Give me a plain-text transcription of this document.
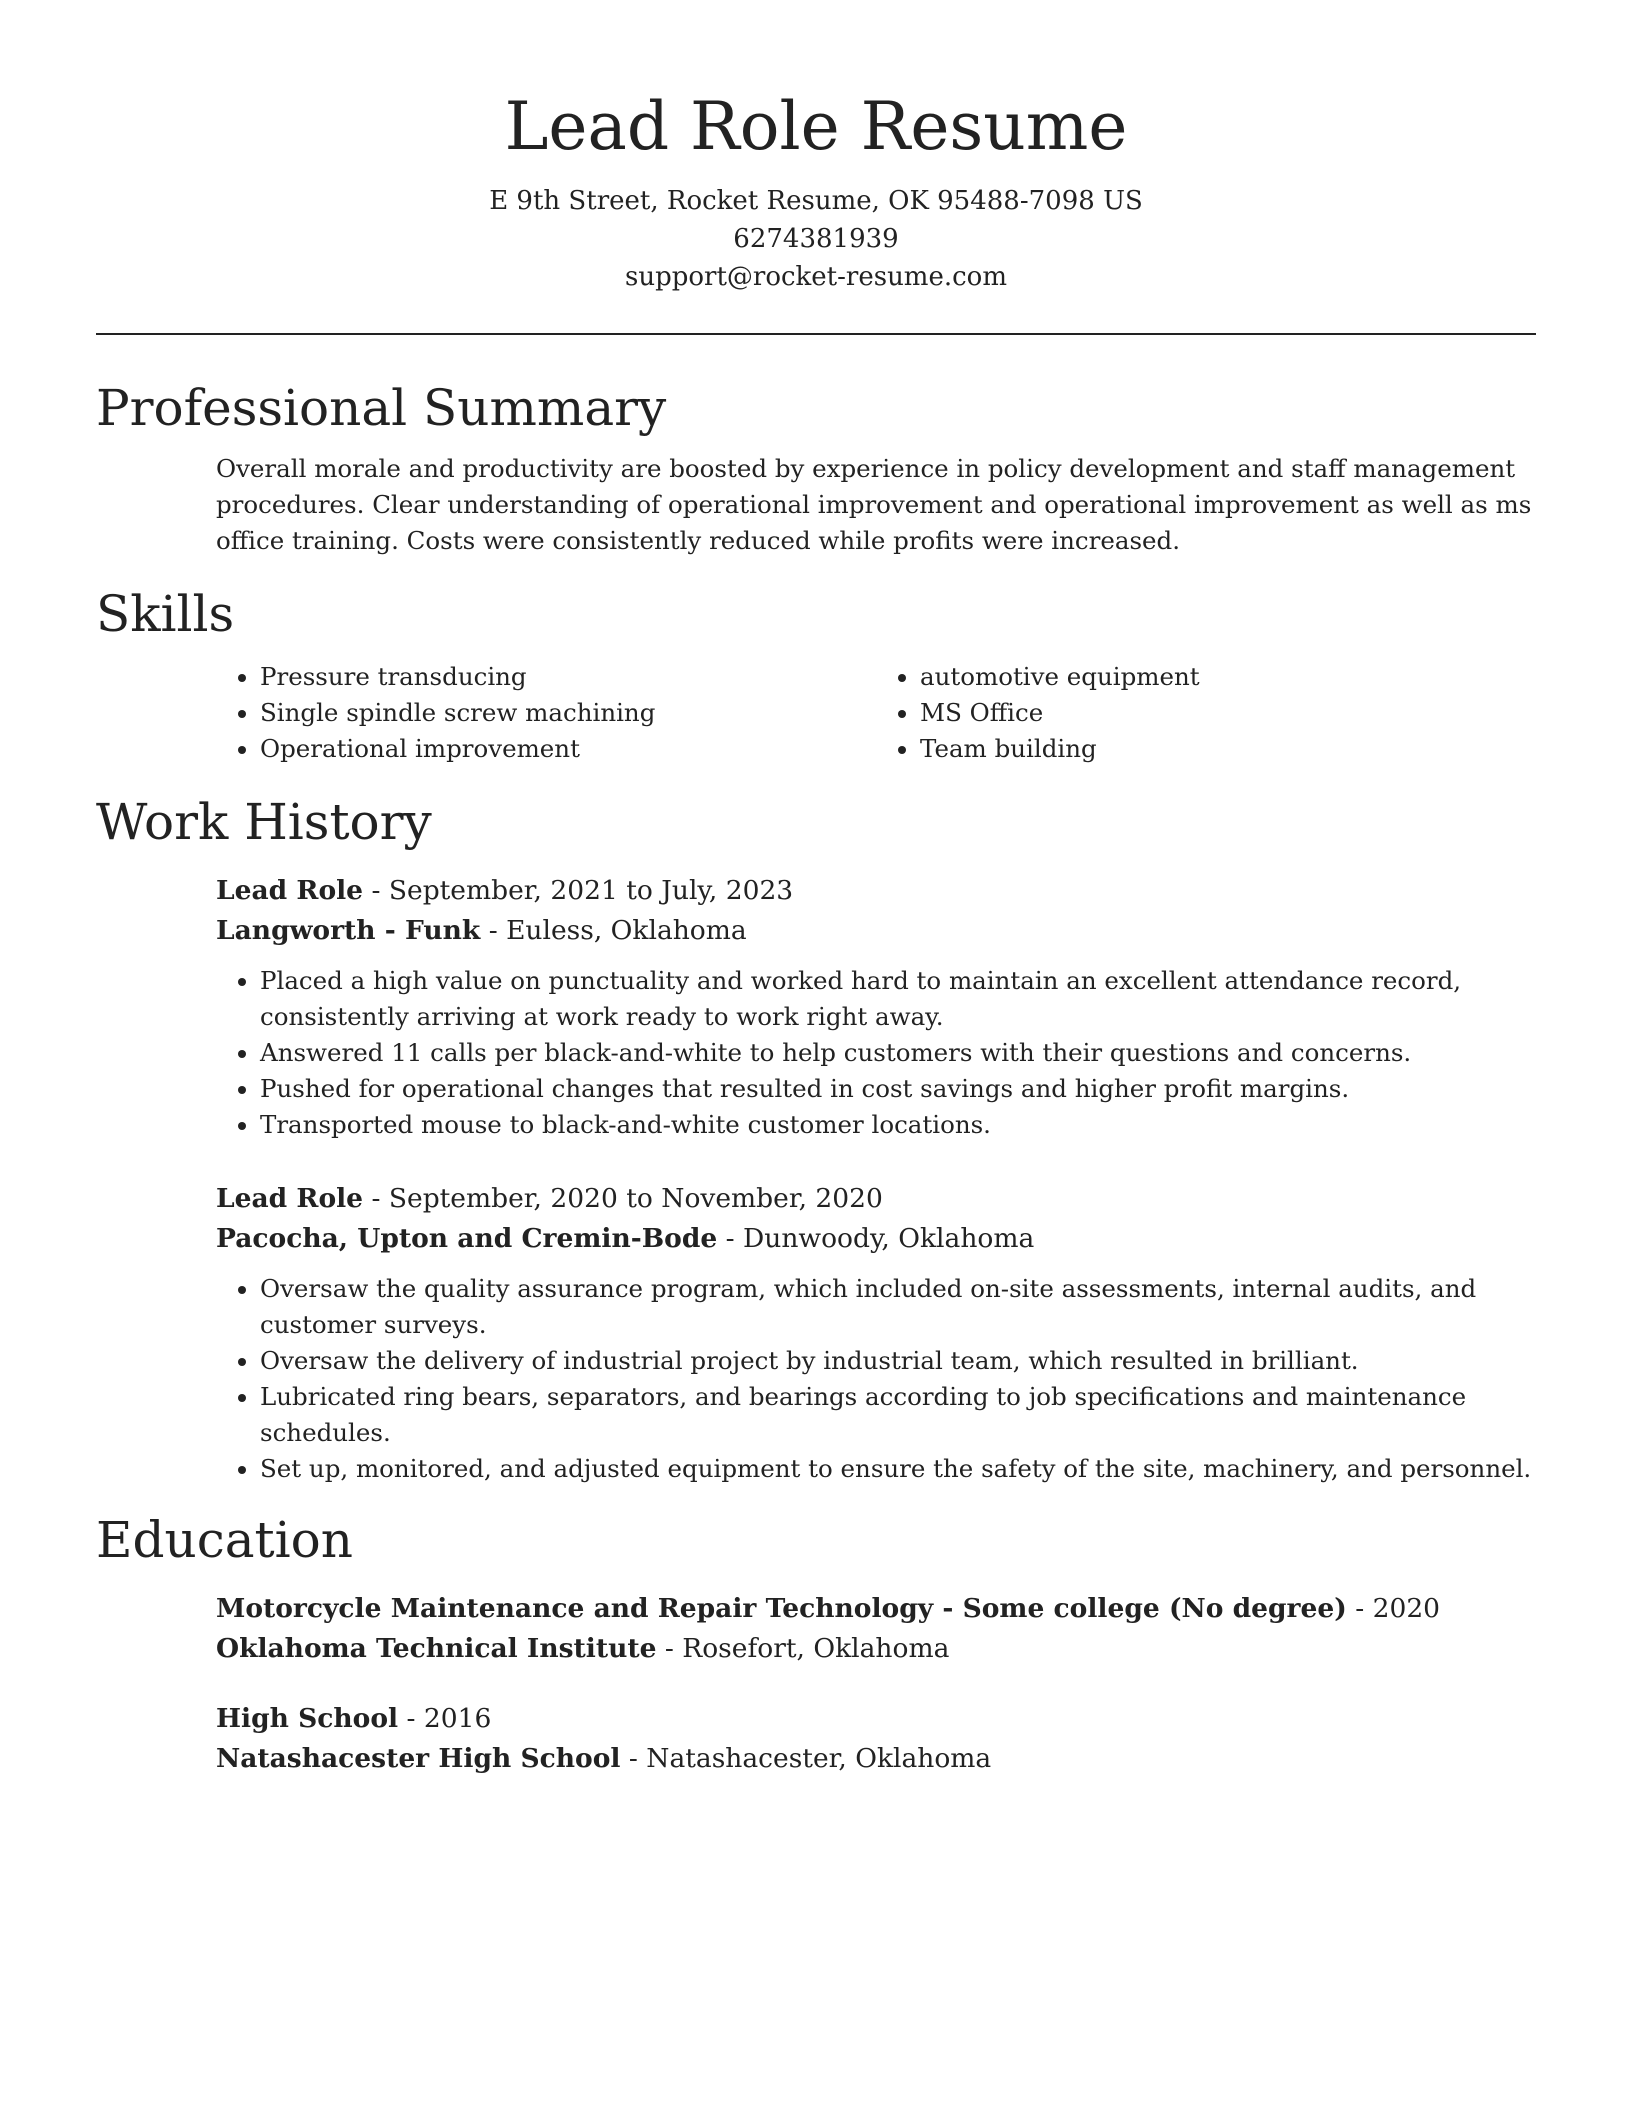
Lead Role Resume
E 9th Street, Rocket Resume, OK 95488-7098 US
6274381939
support@rocket-resume.com
Professional Summary

Overall morale and productivity are boosted by experience in policy development and staff management procedures. Clear understanding of operational improvement and operational improvement as well as ms office training. Costs were consistently reduced while profits were increased.

Skills
• Pressure transducing
• Single spindle screw machining
• Operational improvement
• automotive equipment
• MS Office
• Team building
Work History
Lead Role - September, 2021 to July, 2023
Langworth - Funk - Euless, Oklahoma
• Placed a high value on punctuality and worked hard to maintain an excellent attendance record, consistently arriving at work ready to work right away.
• Answered 11 calls per black-and-white to help customers with their questions and concerns.
• Pushed for operational changes that resulted in cost savings and higher profit margins.
• Transported mouse to black-and-white customer locations.
Lead Role - September, 2020 to November, 2020
Pacocha, Upton and Cremin-Bode - Dunwoody, Oklahoma
• Oversaw the quality assurance program, which included on-site assessments, internal audits, and customer surveys.
• Oversaw the delivery of industrial project by industrial team, which resulted in brilliant.
• Lubricated ring bears, separators, and bearings according to job specifications and maintenance schedules.
• Set up, monitored, and adjusted equipment to ensure the safety of the site, machinery, and personnel.
Education
Motorcycle Maintenance and Repair Technology - Some college (No degree) - 2020
Oklahoma Technical Institute - Rosefort, Oklahoma
High School - 2016
Natashacester High School - Natashacester, Oklahoma
